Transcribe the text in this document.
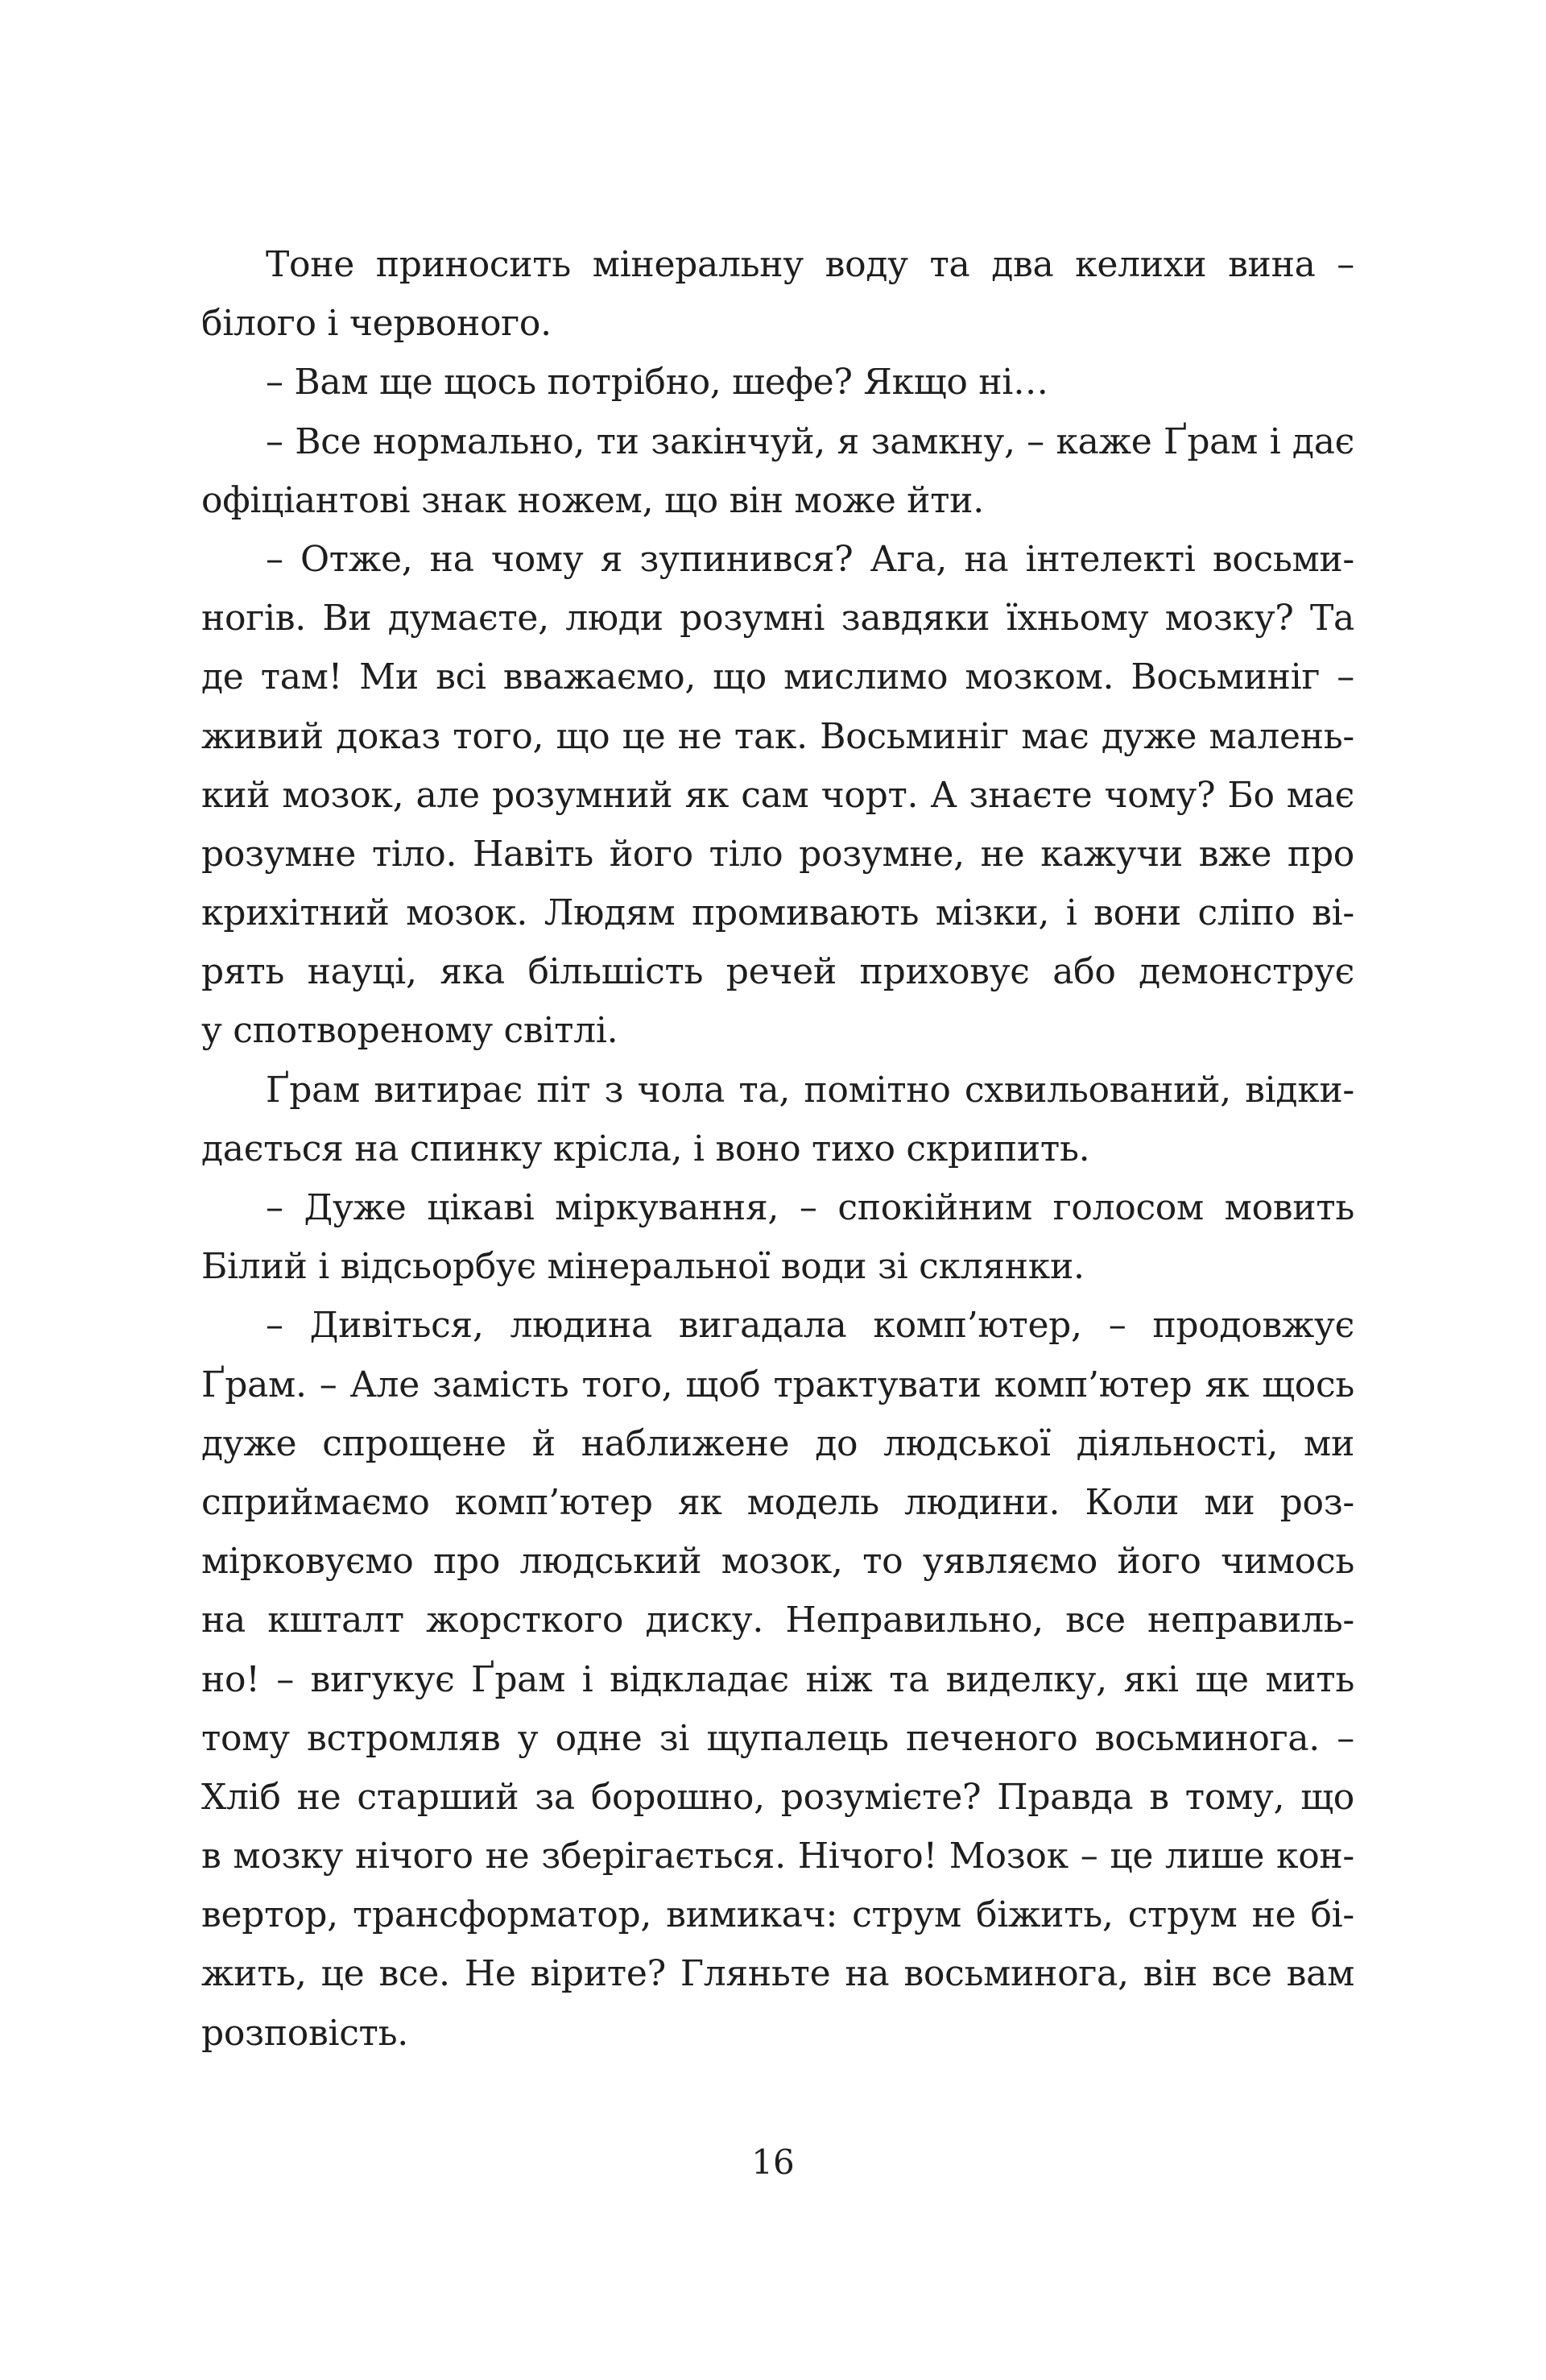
Тоне приносить мінеральну воду та два келихи вина –
білого і червоного.
– Вам ще щось потрібно, шефе? Якщо ні…
– Все нормально, ти закінчуй, я замкну, – каже Ґрам і дає
офіціантові знак ножем, що він може йти.
– Отже, на чому я зупинився? Ага, на інтелекті восьми-
ногів. Ви думаєте, люди розумні завдяки їхньому мозку? Та
де там! Ми всі вважаємо, що мислимо мозком. Восьминіг –
живий доказ того, що це не так. Восьминіг має дуже малень-
кий мозок, але розумний як сам чорт. А знаєте чому? Бо має
розумне тіло. Навіть його тіло розумне, не кажучи вже про
крихітний мозок. Людям промивають мізки, і вони сліпо ві-
рять науці, яка більшість речей приховує або демонструє
у спотвореному світлі.
Ґрам витирає піт з чола та, помітно схвильований, відки-
дається на спинку крісла, і воно тихо скрипить.
– Дуже цікаві міркування, – спокійним голосом мовить
Білий і відсьорбує мінеральної води зі склянки.
– Дивіться, людина вигадала комп’ютер, – продовжує
Ґрам. – Але замість того, щоб трактувати комп’ютер як щось
дуже спрощене й наближене до людської діяльності, ми
сприймаємо комп’ютер як модель людини. Коли ми роз-
мірковуємо про людський мозок, то уявляємо його чимось
на кшталт жорсткого диску. Неправильно, все неправиль-
но! – вигукує Ґрам і відкладає ніж та виделку, які ще мить
тому встромляв у одне зі щупалець печеного восьминога. –
Хліб не старший за борошно, розумієте? Правда в тому, що
в мозку нічого не зберігається. Нічого! Мозок – це лише кон-
вертор, трансформатор, вимикач: струм біжить, струм не бі-
жить, це все. Не вірите? Гляньте на восьминога, він все вам
розповість.
16
